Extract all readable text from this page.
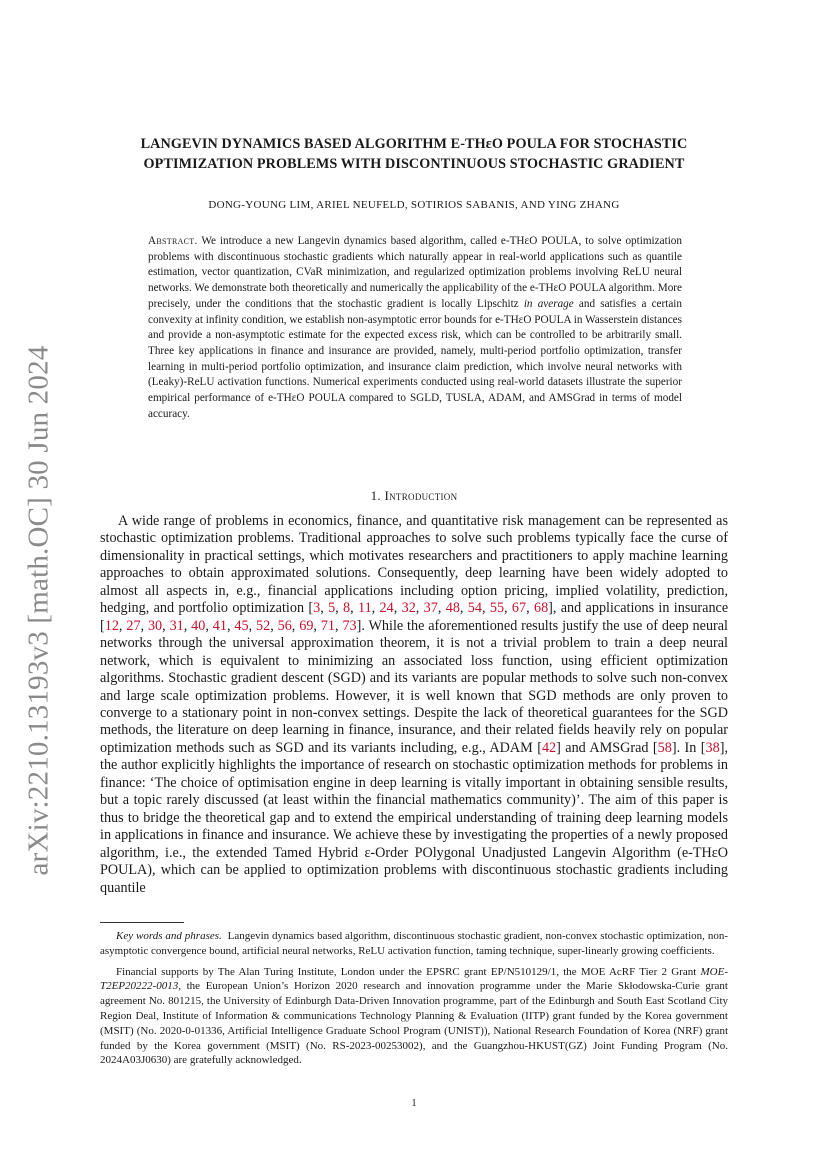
arXiv:2210.13193v3 [math.OC] 30 Jun 2024
LANGEVIN DYNAMICS BASED ALGORITHM E-THεO POULA FOR STOCHASTIC
OPTIMIZATION PROBLEMS WITH DISCONTINUOUS STOCHASTIC GRADIENT
DONG-YOUNG LIM, ARIEL NEUFELD, SOTIRIOS SABANIS, AND YING ZHANG
Abstract. We introduce a new Langevin dynamics based algorithm, called e-THεO POULA, to solve optimization problems with discontinuous stochastic gradients which naturally appear in real-world applications such as quantile estimation, vector quantization, CVaR minimization, and regularized optimization problems involving ReLU neural networks. We demonstrate both theoretically and numerically the applicability of the e-THεO POULA algorithm. More precisely, under the conditions that the stochastic gradient is locally Lipschitz in average and satisfies a certain convexity at infinity condition, we establish non-asymptotic error bounds for e-THεO POULA in Wasserstein distances and provide a non-asymptotic estimate for the expected excess risk, which can be controlled to be arbitrarily small. Three key applications in finance and insurance are provided, namely, multi-period portfolio optimization, transfer learning in multi-period portfolio optimization, and insurance claim prediction, which involve neural networks with (Leaky)-ReLU activation functions. Numerical experiments conducted using real-world datasets illustrate the superior empirical performance of e-THεO POULA compared to SGLD, TUSLA, ADAM, and AMSGrad in terms of model accuracy.
1. Introduction

A wide range of problems in economics, finance, and quantitative risk management can be represented as stochastic optimization problems. Traditional approaches to solve such problems typically face the curse of dimensionality in practical settings, which motivates researchers and practitioners to apply machine learning approaches to obtain approximated solutions. Consequently, deep learning have been widely adopted to almost all aspects in, e.g., financial applications including option pricing, implied volatility, prediction, hedging, and portfolio optimization [3, 5, 8, 11, 24, 32, 37, 48, 54, 55, 67, 68], and applications in insurance [12, 27, 30, 31, 40, 41, 45, 52, 56, 69, 71, 73]. While the aforementioned results justify the use of deep neural networks through the universal approximation theorem, it is not a trivial problem to train a deep neural network, which is equivalent to minimizing an associated loss function, using efficient optimization algorithms. Stochastic gradient descent (SGD) and its variants are popular methods to solve such non-convex and large scale optimization problems. However, it is well known that SGD methods are only proven to converge to a stationary point in non-convex settings. Despite the lack of theoretical guarantees for the SGD methods, the literature on deep learning in finance, insurance, and their related fields heavily rely on popular optimization methods such as SGD and its variants including, e.g., ADAM [42] and AMSGrad [58]. In [38], the author explicitly highlights the importance of research on stochastic optimization methods for problems in finance: ‘The choice of optimisation engine in deep learning is vitally important in obtaining sensible results, but a topic rarely discussed (at least within the financial mathematics community)’. The aim of this paper is thus to bridge the theoretical gap and to extend the empirical understanding of training deep learning models in applications in finance and insurance. We achieve these by investigating the properties of a newly proposed algorithm, i.e., the extended Tamed Hybrid ε-Order POlygonal Unadjusted Langevin Algorithm (e-THεO POULA), which can be applied to optimization problems with discontinuous stochastic gradients including quantile

Key words and phrases. Langevin dynamics based algorithm, discontinuous stochastic gradient, non-convex stochastic optimization, non-asymptotic convergence bound, artificial neural networks, ReLU activation function, taming technique, super-linearly growing coefficients.

Financial supports by The Alan Turing Institute, London under the EPSRC grant EP/N510129/1, the MOE AcRF Tier 2 Grant MOE-T2EP20222-0013, the European Union’s Horizon 2020 research and innovation programme under the Marie Skłodowska-Curie grant agreement No. 801215, the University of Edinburgh Data-Driven Innovation programme, part of the Edinburgh and South East Scotland City Region Deal, Institute of Information & communications Technology Planning & Evaluation (IITP) grant funded by the Korea government (MSIT) (No. 2020-0-01336, Artificial Intelligence Graduate School Program (UNIST)), National Research Foundation of Korea (NRF) grant funded by the Korea government (MSIT) (No. RS-2023-00253002), and the Guangzhou-HKUST(GZ) Joint Funding Program (No. 2024A03J0630) are gratefully acknowledged.

1
